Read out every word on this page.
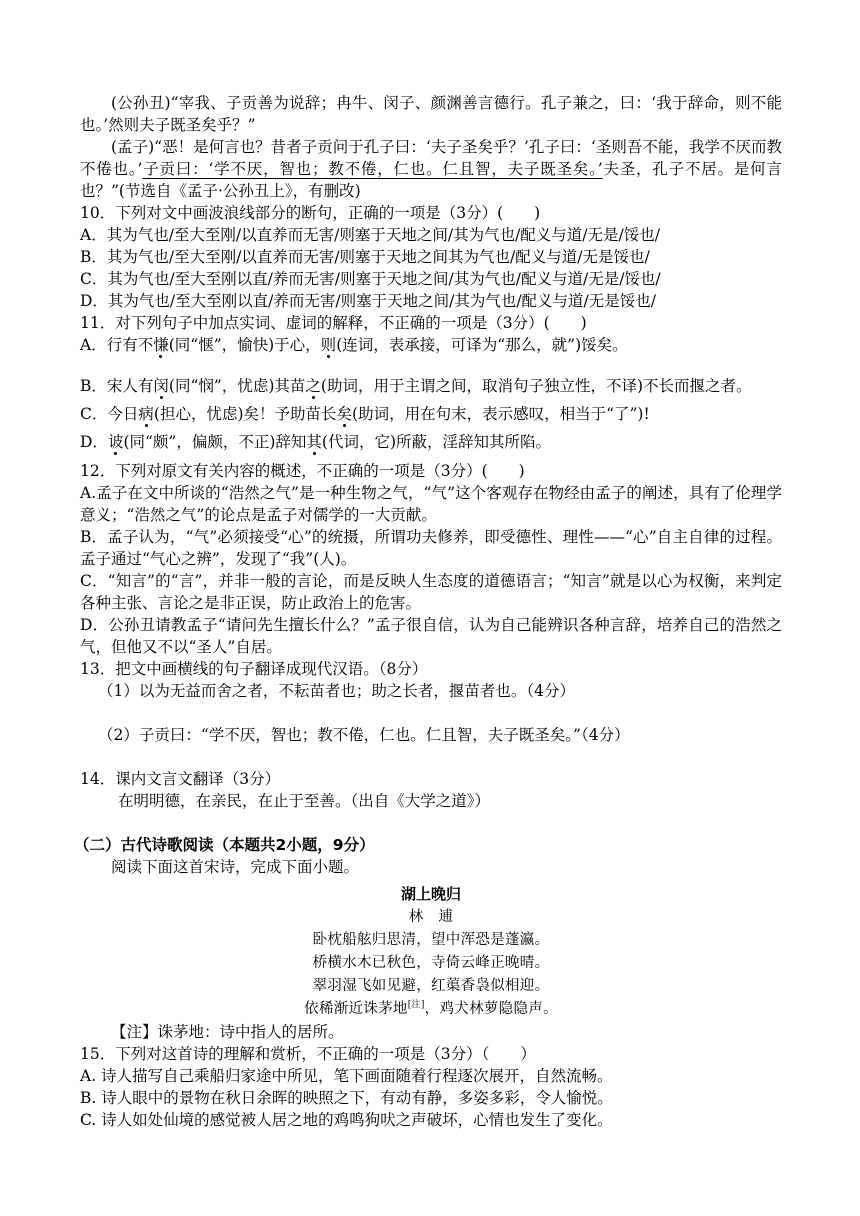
(公孙丑)“宰我、子贡善为说辞；冉牛、闵子、颜渊善言德行。孔子兼之，曰：‘我于辞命，则不能也。’然则夫子既圣矣乎？”

(孟子)“恶！是何言也？昔者子贡问于孔子曰：‘夫子圣矣乎？’孔子曰：‘圣则吾不能，我学不厌而教不倦也。’子贡曰：‘学不厌，智也；教不倦，仁也。仁且智，夫子既圣矣。’夫圣，孔子不居。是何言也？”(节选自《孟子·公孙丑上》，有删改)

10．下列对文中画波浪线部分的断句，正确的一项是（3分）(　　)

A．其为气也/至大至刚/以直养而无害/则塞于天地之间/其为气也/配义与道/无是/馁也/

B．其为气也/至大至刚/以直养而无害/则塞于天地之间其为气也/配义与道/无是馁也/

C．其为气也/至大至刚以直/养而无害/则塞于天地之间/其为气也/配义与道/无是/馁也/

D．其为气也/至大至刚以直/养而无害/则塞于天地之间/其为气也/配义与道/无是馁也/

11．对下列句子中加点实词、虚词的解释，不正确的一项是（3分）(　　)

A．行有不慊(同“惬”，愉快)于心，则(连词，表承接，可译为“那么，就”)馁矣。

B．宋人有闵(同“悯”，忧虑)其苗之(助词，用于主谓之间，取消句子独立性，不译)不长而揠之者。

C．今日病(担心，忧虑)矣！予助苗长矣(助词，用在句末，表示感叹，相当于“了”)!

D．诐(同“颇”，偏颇，不正)辞知其(代词，它)所蔽，淫辞知其所陷。

12．下列对原文有关内容的概述，不正确的一项是（3分）(　　)

A.孟子在文中所谈的“浩然之气”是一种生物之气，“气”这个客观存在物经由孟子的阐述，具有了伦理学意义；“浩然之气”的论点是孟子对儒学的一大贡献。

B．孟子认为，“气”必须接受“心”的统摄，所谓功夫修养，即受德性、理性——“心”自主自律的过程。孟子通过“气心之辨”，发现了“我”(人)。

C．“知言”的“言”，并非一般的言论，而是反映人生态度的道德语言；“知言”就是以心为权衡，来判定各种主张、言论之是非正误，防止政治上的危害。

D．公孙丑请教孟子“请问先生擅长什么？”孟子很自信，认为自己能辨识各种言辞，培养自己的浩然之气，但他又不以“圣人”自居。

13．把文中画横线的句子翻译成现代汉语。（8分）

（1）以为无益而舍之者，不耘苗者也；助之长者，揠苗者也。（4分）

（2）子贡曰：“学不厌，智也；教不倦，仁也。仁且智，夫子既圣矣。”（4分）

14．课内文言文翻译（3分）

在明明德，在亲民，在止于至善。（出自《大学之道》）

（二）古代诗歌阅读（本题共2小题，9分）

阅读下面这首宋诗，完成下面小题。

湖上晚归
林　逋
卧枕船舷归思清，望中浑恐是蓬瀛。
桥横水木已秋色，寺倚云峰正晚晴。
翠羽湿飞如见避，红蕖香袅似相迎。
依稀渐近诛茅地[注]，鸡犬林萝隐隐声。

【注】诛茅地：诗中指人的居所。

15．下列对这首诗的理解和赏析，不正确的一项是（3分）（　　）

A. 诗人描写自己乘船归家途中所见，笔下画面随着行程逐次展开，自然流畅。

B. 诗人眼中的景物在秋日余晖的映照之下，有动有静，多姿多彩，令人愉悦。

C. 诗人如处仙境的感觉被人居之地的鸡鸣狗吠之声破坏，心情也发生了变化。
